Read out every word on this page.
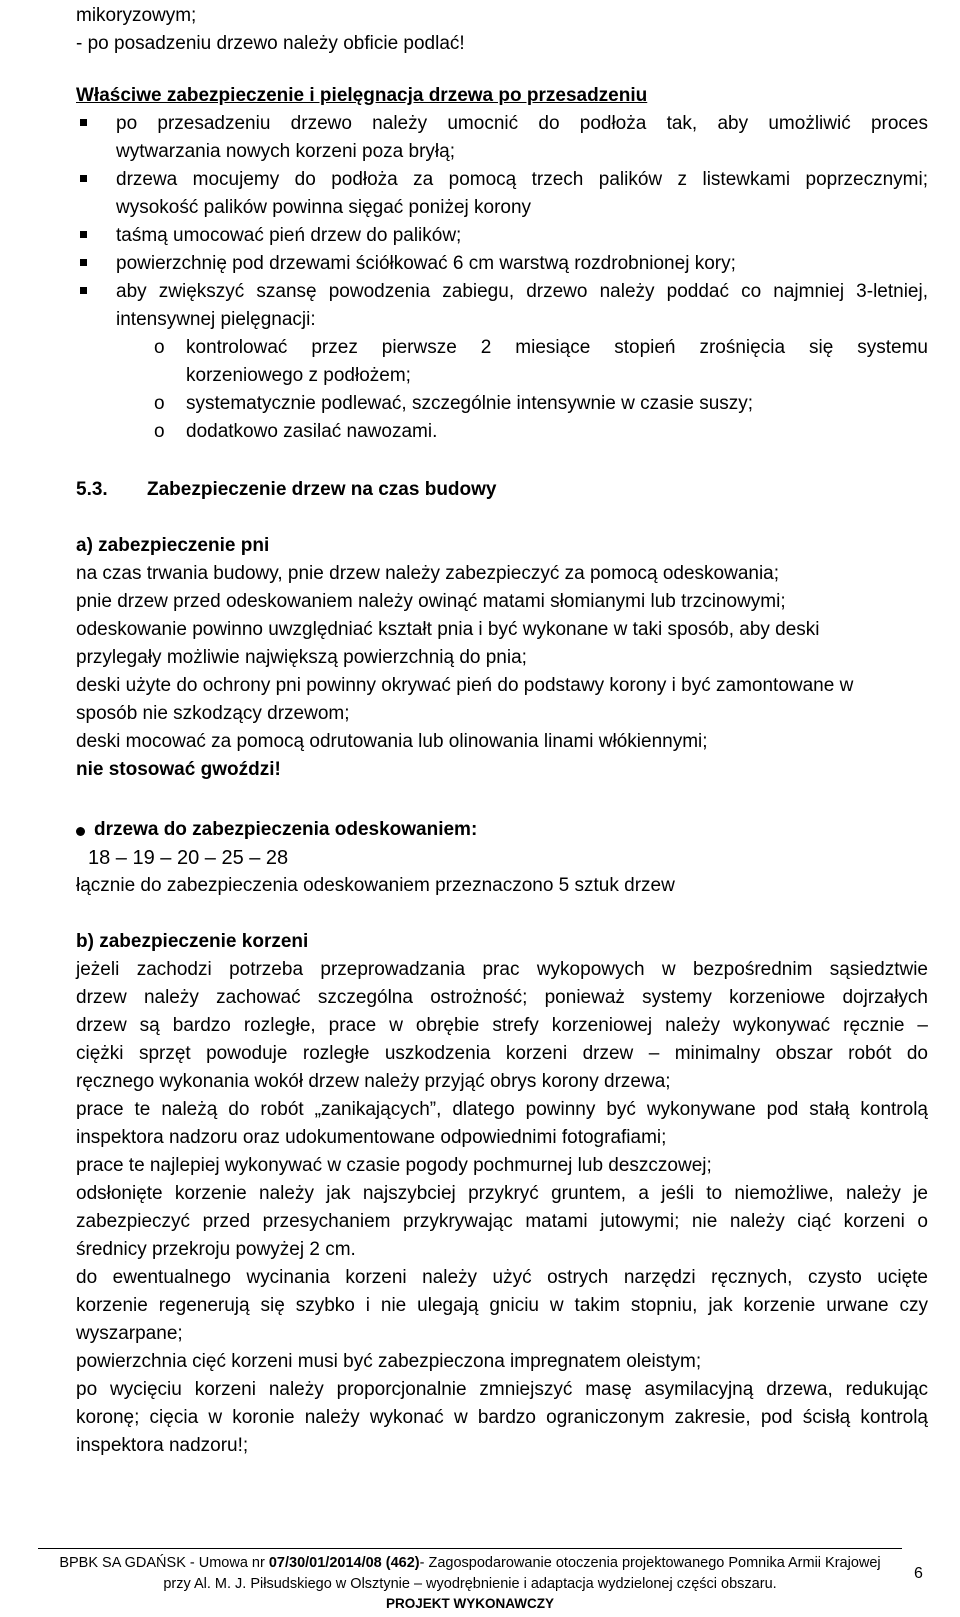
mikoryzowym;
- po posadzeniu drzewo należy obficie podlać!
Właściwe zabezpieczenie i pielęgnacja drzewa po przesadzeniu
po przesadzeniu drzewo należy umocnić do podłoża tak, aby umożliwić proces
wytwarzania nowych korzeni poza bryłą;
drzewa mocujemy do podłoża za pomocą trzech palików z listewkami poprzecznymi;
wysokość palików powinna sięgać poniżej korony
taśmą umocować pień drzew do palików;
powierzchnię pod drzewami ściółkować 6 cm warstwą rozdrobnionej kory;
aby zwiększyć szansę powodzenia zabiegu, drzewo należy poddać co najmniej 3-letniej,
intensywnej pielęgnacji:
o kontrolować przez pierwsze 2 miesiące stopień zrośnięcia się systemu
korzeniowego z podłożem;
o systematycznie podlewać, szczególnie intensywnie w czasie suszy;
o dodatkowo zasilać nawozami.
5.3.	Zabezpieczenie drzew na czas budowy
a) zabezpieczenie pni
na czas trwania budowy, pnie drzew należy zabezpieczyć za pomocą odeskowania;
pnie drzew przed odeskowaniem należy owinąć matami słomianymi lub trzcinowymi;
odeskowanie powinno uwzględniać kształt pnia i być wykonane w taki sposób, aby deski
przylegały możliwie największą powierzchnią do pnia;
deski użyte do ochrony pni powinny okrywać pień do podstawy korony i być zamontowane w
sposób nie szkodzący drzewom;
deski mocować za pomocą odrutowania lub olinowania linami włókiennymi;
nie stosować gwoździ!
drzewa do zabezpieczenia odeskowaniem:
18 – 19 – 20 – 25 – 28
łącznie do zabezpieczenia odeskowaniem przeznaczono 5 sztuk drzew
b) zabezpieczenie korzeni
jeżeli zachodzi potrzeba przeprowadzania prac wykopowych w bezpośrednim sąsiedztwie
drzew należy zachować szczególna ostrożność; ponieważ systemy korzeniowe dojrzałych
drzew są bardzo rozległe, prace w obrębie strefy korzeniowej należy wykonywać ręcznie –
ciężki sprzęt powoduje rozległe uszkodzenia korzeni drzew – minimalny obszar robót do
ręcznego wykonania wokół drzew należy przyjąć obrys korony drzewa;
prace te należą do robót „zanikających”, dlatego powinny być wykonywane pod stałą kontrolą
inspektora nadzoru oraz udokumentowane odpowiednimi fotografiami;
prace te najlepiej wykonywać w czasie pogody pochmurnej lub deszczowej;
odsłonięte korzenie należy jak najszybciej przykryć gruntem, a jeśli to niemożliwe, należy je
zabezpieczyć przed przesychaniem przykrywając matami jutowymi; nie należy ciąć korzeni o
średnicy przekroju powyżej 2 cm.
do ewentualnego wycinania korzeni należy użyć ostrych narzędzi ręcznych, czysto ucięte
korzenie regenerują się szybko i nie ulegają gniciu w takim stopniu, jak korzenie urwane czy
wyszarpane;
powierzchnia cięć korzeni musi być zabezpieczona impregnatem oleistym;
po wycięciu korzeni należy proporcjonalnie zmniejszyć masę asymilacyjną drzewa, redukując
koronę; cięcia w koronie należy wykonać w bardzo ograniczonym zakresie, pod ścisłą kontrolą
inspektora nadzoru!;
BPBK SA GDAŃSK - Umowa nr 07/30/01/2014/08 (462)- Zagospodarowanie otoczenia projektowanego Pomnika Armii Krajowej
przy Al. M. J. Piłsudskiego w Olsztynie – wyodrębnienie i adaptacja wydzielonej części obszaru.
PROJEKT WYKONAWCZY
6
